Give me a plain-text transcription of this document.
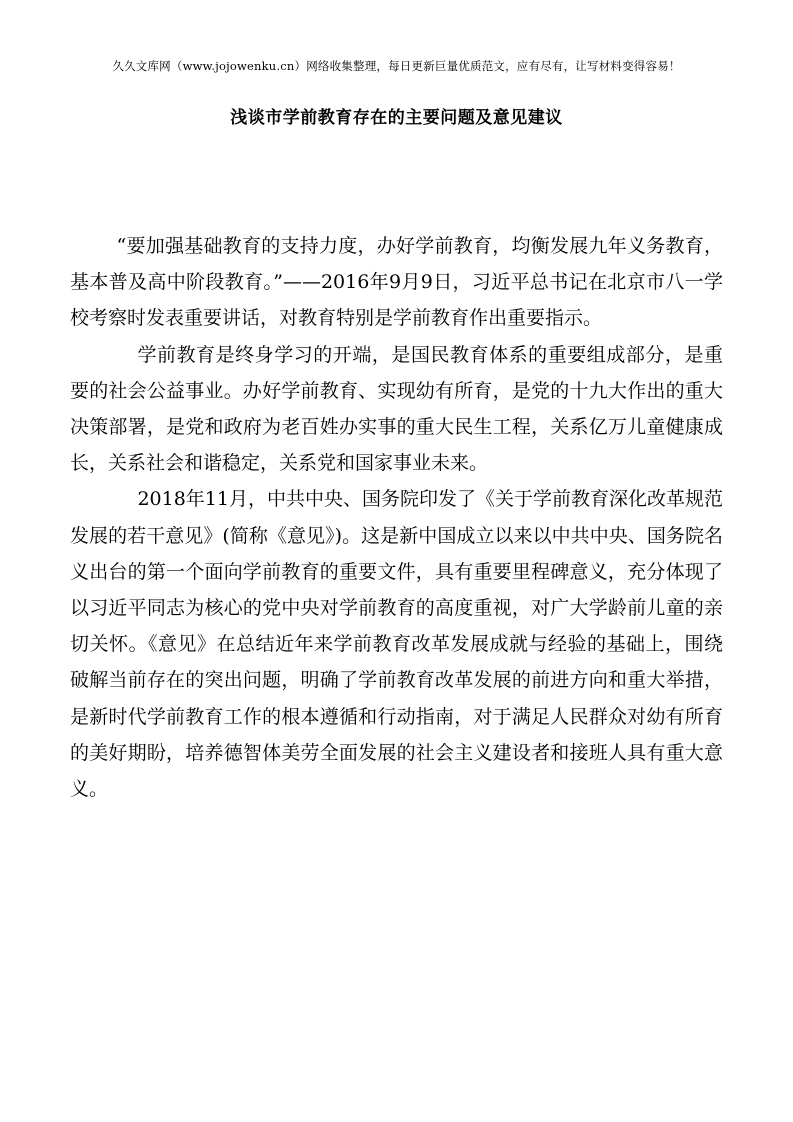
久久文库网（www.jojowenku.cn）网络收集整理，每日更新巨量优质范文，应有尽有，让写材料变得容易！
浅谈市学前教育存在的主要问题及意见建议

“要加强基础教育的支持力度，办好学前教育，均衡发展九年义务教育，基本普及高中阶段教育。”——2016年9月9日，习近平总书记在北京市八一学校考察时发表重要讲话，对教育特别是学前教育作出重要指示。

学前教育是终身学习的开端，是国民教育体系的重要组成部分，是重要的社会公益事业。办好学前教育、实现幼有所育，是党的十九大作出的重大决策部署，是党和政府为老百姓办实事的重大民生工程，关系亿万儿童健康成长，关系社会和谐稳定，关系党和国家事业未来。

2018年11月，中共中央、国务院印发了《关于学前教育深化改革规范发展的若干意见》(简称《意见》)。这是新中国成立以来以中共中央、国务院名义出台的第一个面向学前教育的重要文件，具有重要里程碑意义，充分体现了以习近平同志为核心的党中央对学前教育的高度重视，对广大学龄前儿童的亲切关怀。《意见》在总结近年来学前教育改革发展成就与经验的基础上，围绕破解当前存在的突出问题，明确了学前教育改革发展的前进方向和重大举措，是新时代学前教育工作的根本遵循和行动指南，对于满足人民群众对幼有所育的美好期盼，培养德智体美劳全面发展的社会主义建设者和接班人具有重大意义。
